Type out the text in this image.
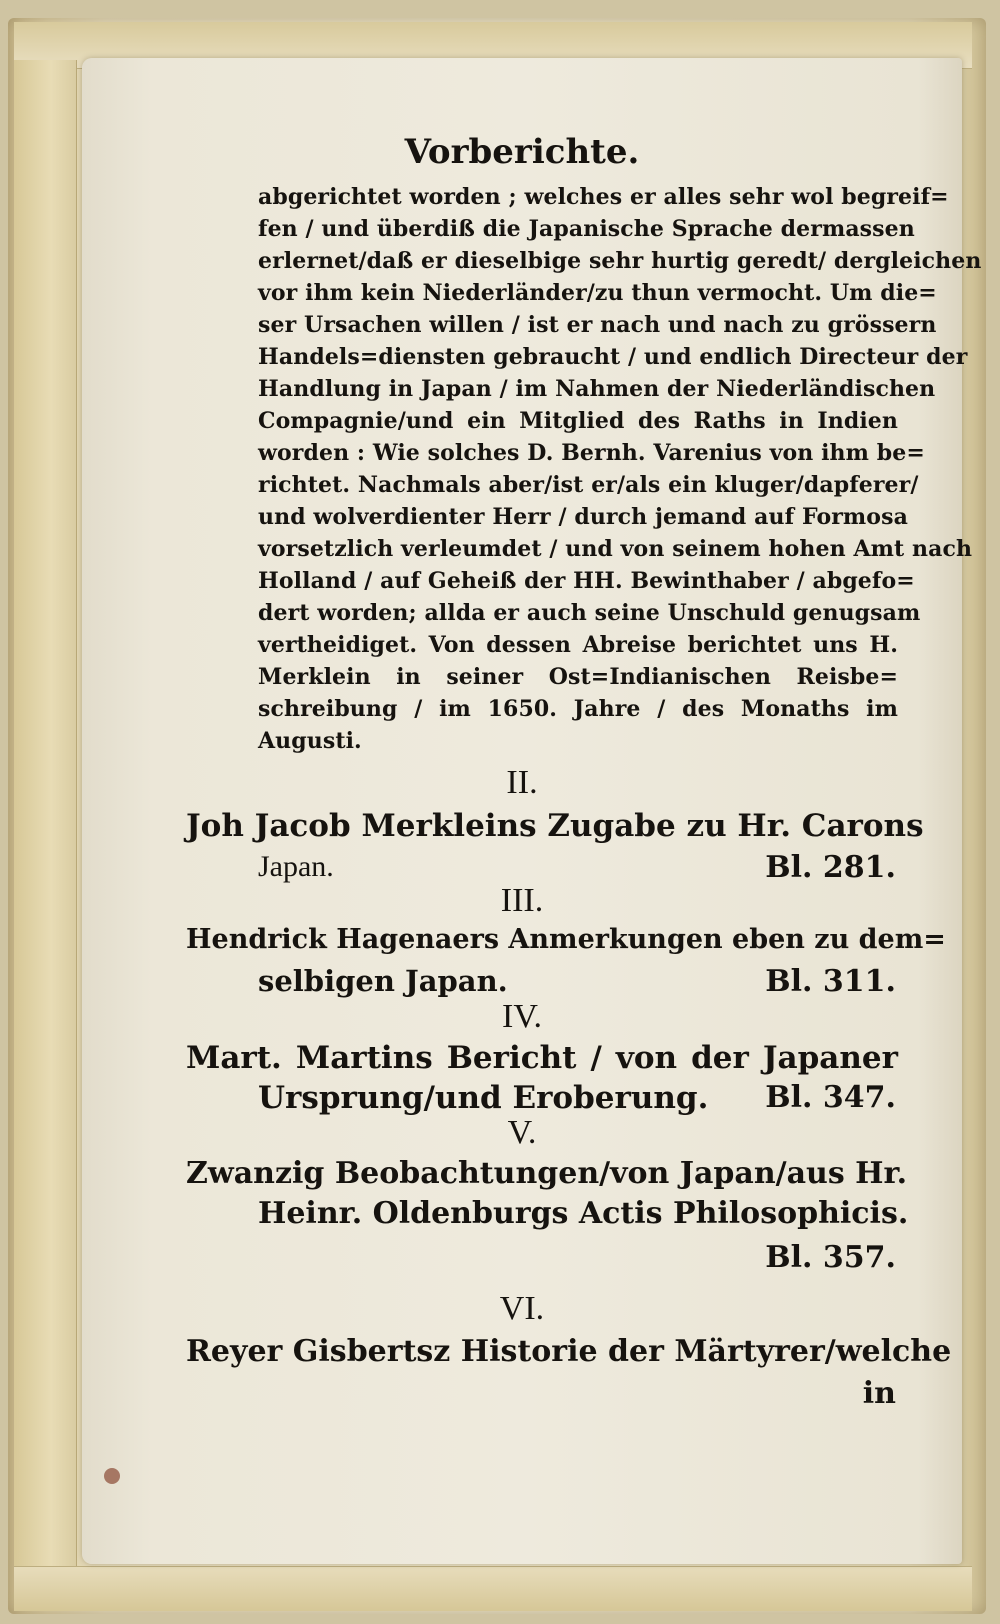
Vorberichte.
abgerichtet worden ; welches er alles sehr wol begreif=
fen / und überdiß die Japanische Sprache dermassen
erlernet/daß er dieselbige sehr hurtig geredt/ dergleichen
vor ihm kein Niederländer/zu thun vermocht. Um die=
ser Ursachen willen / ist er nach und nach zu grössern
Handels=diensten gebraucht / und endlich Directeur der
Handlung in Japan / im Nahmen der Niederländischen
Compagnie/und ein Mitglied des Raths in Indien
worden : Wie solches D. Bernh. Varenius von ihm be=
richtet. Nachmals aber/ist er/als ein kluger/dapferer/
und wolverdienter Herr / durch jemand auf Formosa
vorsetzlich verleumdet / und von seinem hohen Amt nach
Holland / auf Geheiß der HH. Bewinthaber / abgefo=
dert worden; allda er auch seine Unschuld genugsam
vertheidiget. Von dessen Abreise berichtet uns H.
Merklein in seiner Ost=Indianischen Reisbe=
schreibung / im 1650. Jahre / des Monaths im
Augusti.
II.
Joh Jacob Merkleins Zugabe zu Hr. Carons
Japan.	Bl. 281.
III.
Hendrick Hagenaers Anmerkungen eben zu dem=
selbigen Japan.	Bl. 311.
IV.
Mart. Martins Bericht / von der Japaner
Ursprung/und Eroberung.	Bl. 347.
V.
Zwanzig Beobachtungen/von Japan/aus Hr.
Heinr. Oldenburgs Actis Philosophicis.
Bl. 357.
VI.
Reyer Gisbertsz Historie der Märtyrer/welche
in
